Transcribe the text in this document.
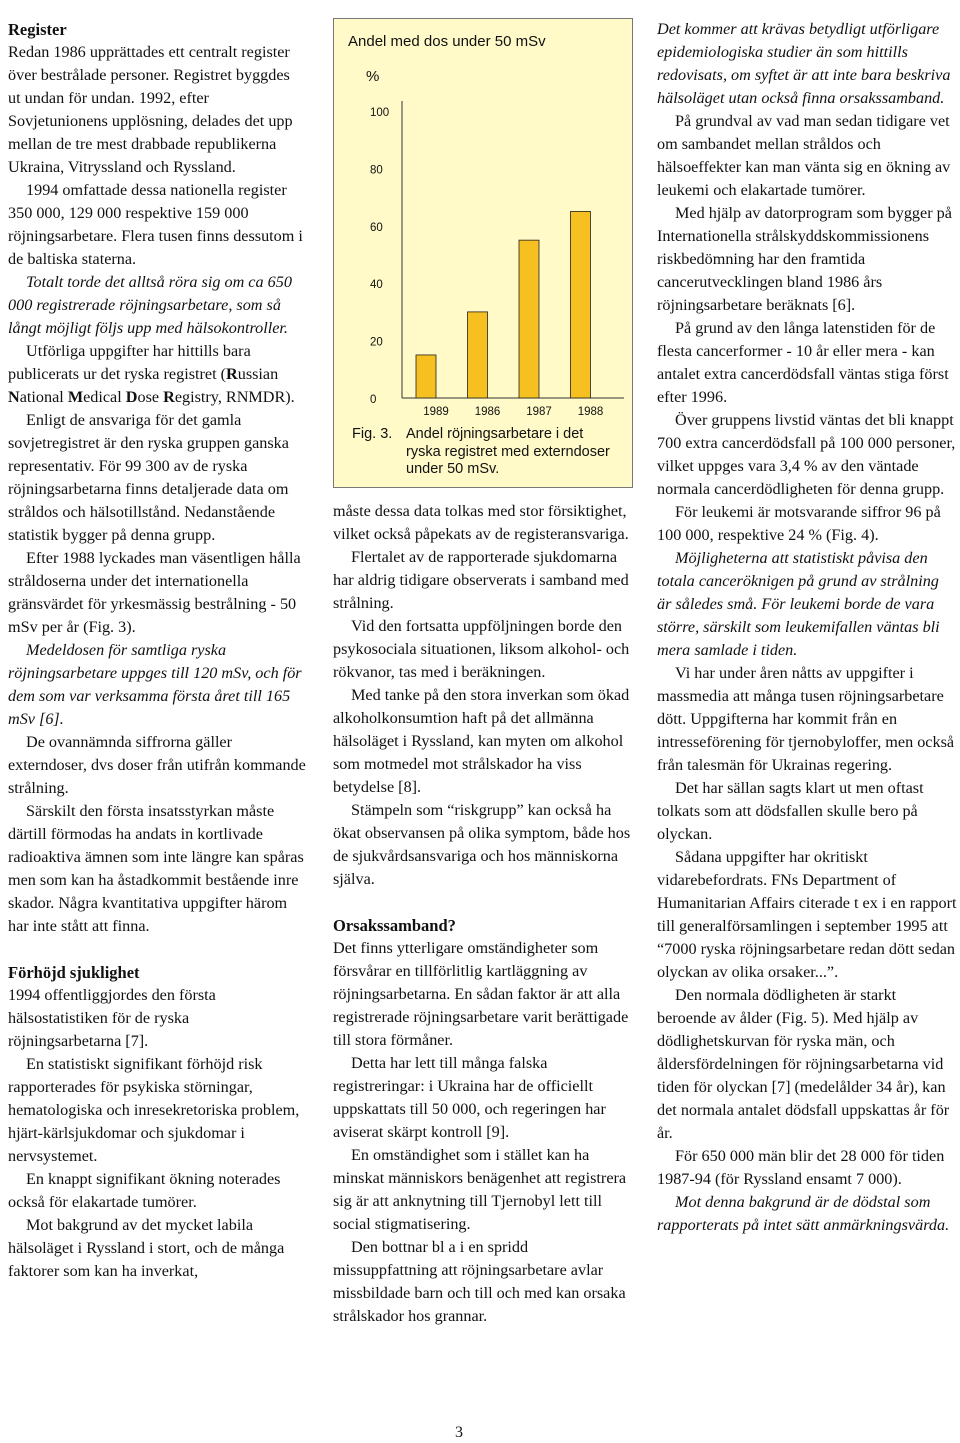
Register

Redan 1986 upprättades ett centralt register över bestrålade personer. Registret byggdes ut undan för undan. 1992, efter Sovjetunionens upplösning, delades det upp mellan de tre mest drabbade republikerna Ukraina, Vitryssland och Ryssland.

1994 omfattade dessa nationella register 350 000, 129 000 respektive 159 000 röjningsarbetare. Flera tusen finns dessutom i de baltiska staterna.

Totalt torde det alltså röra sig om ca 650 000 registrerade röjningsarbetare, som så långt möjligt följs upp med hälsokontroller.

Utförliga uppgifter har hittills bara publicerats ur det ryska registret (Russian National Medical Dose Registry, RNMDR).

Enligt de ansvariga för det gamla sovjetregistret är den ryska gruppen ganska representativ. För 99 300 av de ryska röjningsarbetarna finns detaljerade data om stråldos och hälsotillstånd. Nedanstående statistik bygger på denna grupp.

Efter 1988 lyckades man väsentligen hålla stråldoserna under det internationella gränsvärdet för yrkesmässig bestrålning - 50 mSv per år (Fig. 3).

Medeldosen för samtliga ryska röjningsarbetare uppges till 120 mSv, och för dem som var verksamma första året till 165 mSv [6].

De ovannämnda siffrorna gäller externdoser, dvs doser från utifrån kommande strålning.

Särskilt den första insatsstyrkan måste därtill förmodas ha andats in kortlivade radioaktiva ämnen som inte längre kan spåras men som kan ha åstadkommit bestående inre skador. Några kvantitativa uppgifter härom har inte stått att finna.

Förhöjd sjuklighet

1994 offentliggjordes den första hälsostatistiken för de ryska röjningsarbetarna [7].

En statistiskt signifikant förhöjd risk rapporterades för psykiska störningar, hematologiska och inresekretoriska problem, hjärt-kärlsjukdomar och sjukdomar i nervsystemet.

En knappt signifikant ökning noterades också för elakartade tumörer.

Mot bakgrund av det mycket labila hälsoläget i Ryssland i stort, och de många faktorer som kan ha inverkat,

Andel med dos under 50 mSv
%
0
20
40
60
80
100
1989 1986 1987 1988
Fig. 3. Andel röjningsarbetare i det ryska registret med externdoser under 50 mSv.

måste dessa data tolkas med stor försiktighet, vilket också påpekats av de registeransvariga.

Flertalet av de rapporterade sjukdomarna har aldrig tidigare observerats i samband med strålning.

Vid den fortsatta uppföljningen borde den psykosociala situationen, liksom alkohol- och rökvanor, tas med i beräkningen.

Med tanke på den stora inverkan som ökad alkoholkonsumtion haft på det allmänna hälsoläget i Ryssland, kan myten om alkohol som motmedel mot strålskador ha viss betydelse [8].

Stämpeln som “riskgrupp” kan också ha ökat observansen på olika symptom, både hos de sjukvårdsansvariga och hos människorna själva.

Orsakssamband?

Det finns ytterligare omständigheter som försvårar en tillförlitlig kartläggning av röjningsarbetarna. En sådan faktor är att alla registrerade röjningsarbetare varit berättigade till stora förmåner.

Detta har lett till många falska registreringar: i Ukraina har de officiellt uppskattats till 50 000, och regeringen har aviserat skärpt kontroll [9].

En omständighet som i stället kan ha minskat människors benägenhet att registrera sig är att anknytning till Tjernobyl lett till social stigmatisering.

Den bottnar bl a i en spridd missuppfattning att röjningsarbetare avlar missbildade barn och till och med kan orsaka strålskador hos grannar.

Det kommer att krävas betydligt utförligare epidemiologiska studier än som hittills redovisats, om syftet är att inte bara beskriva hälsoläget utan också finna orsakssamband.

På grundval av vad man sedan tidigare vet om sambandet mellan stråldos och hälsoeffekter kan man vänta sig en ökning av leukemi och elakartade tumörer.

Med hjälp av datorprogram som bygger på Internationella strålskyddskommissionens riskbedömning har den framtida cancerutvecklingen bland 1986 års röjningsarbetare beräknats [6].

På grund av den långa latenstiden för de flesta cancerformer - 10 år eller mera - kan antalet extra cancerdödsfall väntas stiga först efter 1996.

Över gruppens livstid väntas det bli knappt 700 extra cancerdödsfall på 100 000 personer, vilket uppges vara 3,4 % av den väntade normala cancerdödligheten för denna grupp.

För leukemi är motsvarande siffror 96 på 100 000, respektive 24 % (Fig. 4).

Möjligheterna att statistiskt påvisa den totala canceröknigen på grund av strålning är således små. För leukemi borde de vara större, särskilt som leukemifallen väntas bli mera samlade i tiden.

Vi har under åren nåtts av uppgifter i massmedia att många tusen röjningsarbetare dött. Uppgifterna har kommit från en intresseförening för tjernobyloffer, men också från talesmän för Ukrainas regering.

Det har sällan sagts klart ut men oftast tolkats som att dödsfallen skulle bero på olyckan.

Sådana uppgifter har okritiskt vidarebefordrats. FNs Department of Humanitarian Affairs citerade t ex i en rapport till generalförsamlingen i september 1995 att “7000 ryska röjningsarbetare redan dött sedan olyckan av olika orsaker...”.

Den normala dödligheten är starkt beroende av ålder (Fig. 5). Med hjälp av dödlighetskurvan för ryska män, och åldersfördelningen för röjningsarbetarna vid tiden för olyckan [7] (medelålder 34 år), kan det normala antalet dödsfall uppskattas år för år.

För 650 000 män blir det 28 000 för tiden 1987-94 (för Ryssland ensamt 7 000).

Mot denna bakgrund är de dödstal som rapporterats på intet sätt anmärkningsvärda.

3
